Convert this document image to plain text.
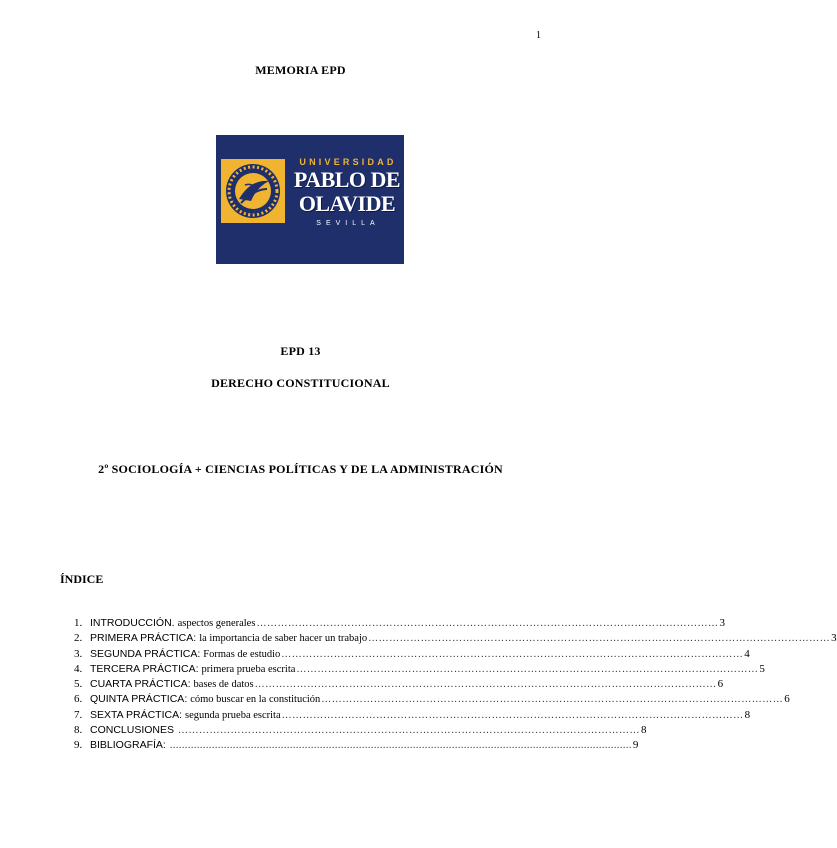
1
MEMORIA EPD
UNIVERSIDAD
PABLO DE
OLAVIDE
SEVILLA
EPD 13
DERECHO CONSTITUCIONAL
2º SOCIOLOGÍA + CIENCIAS POLÍTICAS Y DE LA ADMINISTRACIÓN
ÍNDICE
1. INTRODUCCIÓN. aspectos generales …………………………………………………………………………………………………………………… 3
2. PRIMERA PRÁCTICA: la importancia de saber hacer un trabajo …………………………………………………………………………………………………………………… 3
3. SEGUNDA PRÁCTICA: Formas de estudio …………………………………………………………………………………………………………………… 4
4. TERCERA PRÁCTICA: primera prueba escrita …………………………………………………………………………………………………………………… 5
5. CUARTA PRÁCTICA: bases de datos …………………………………………………………………………………………………………………… 6
6. QUINTA PRÁCTICA: cómo buscar en la constitución …………………………………………………………………………………………………………………… 6
7. SEXTA PRÁCTICA: segunda prueba escrita …………………………………………………………………………………………………………………… 8
8. CONCLUSIONES …………………………………………………………………………………………………………………… 8
9. BIBLIOGRAFÍA: .......................................................................................................................................................... 9
